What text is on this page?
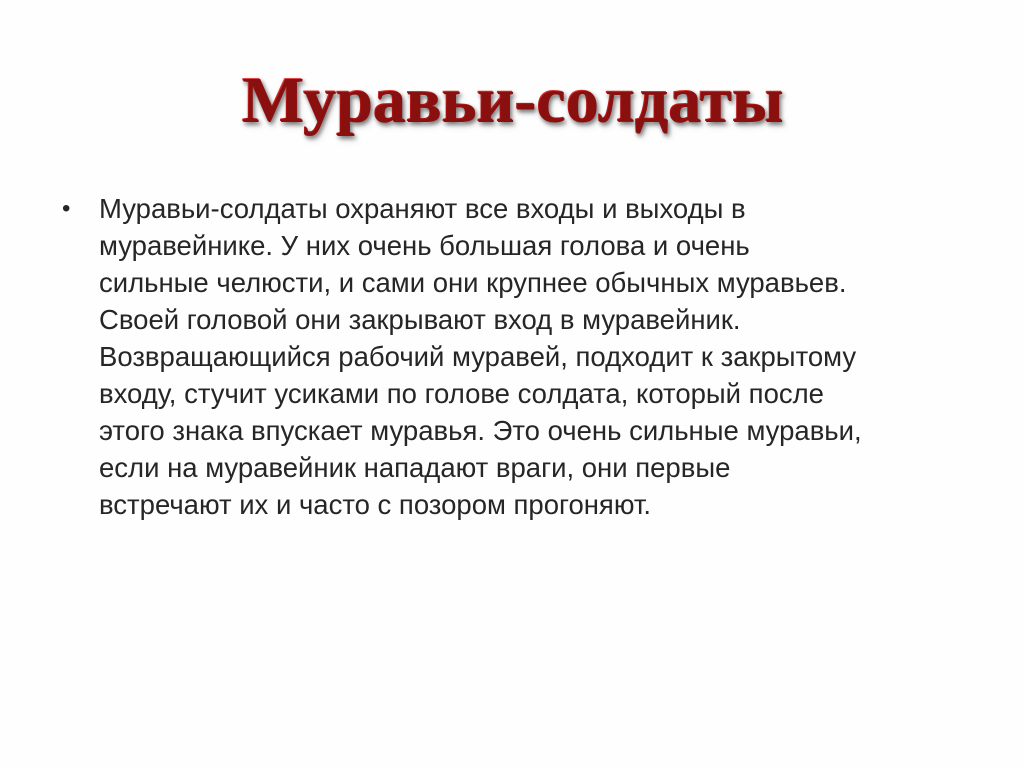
Муравьи-солдаты
• Муравьи-солдаты охраняют все входы и выходы в
муравейнике. У них очень большая голова и очень
сильные челюсти, и сами они крупнее обычных муравьев.
Своей головой они закрывают вход в муравейник.
Возвращающийся рабочий муравей, подходит к закрытому
входу, стучит усиками по голове солдата, который после
этого знака впускает муравья. Это очень сильные муравьи,
если на муравейник нападают враги, они первые
встречают их и часто с позором прогоняют.
